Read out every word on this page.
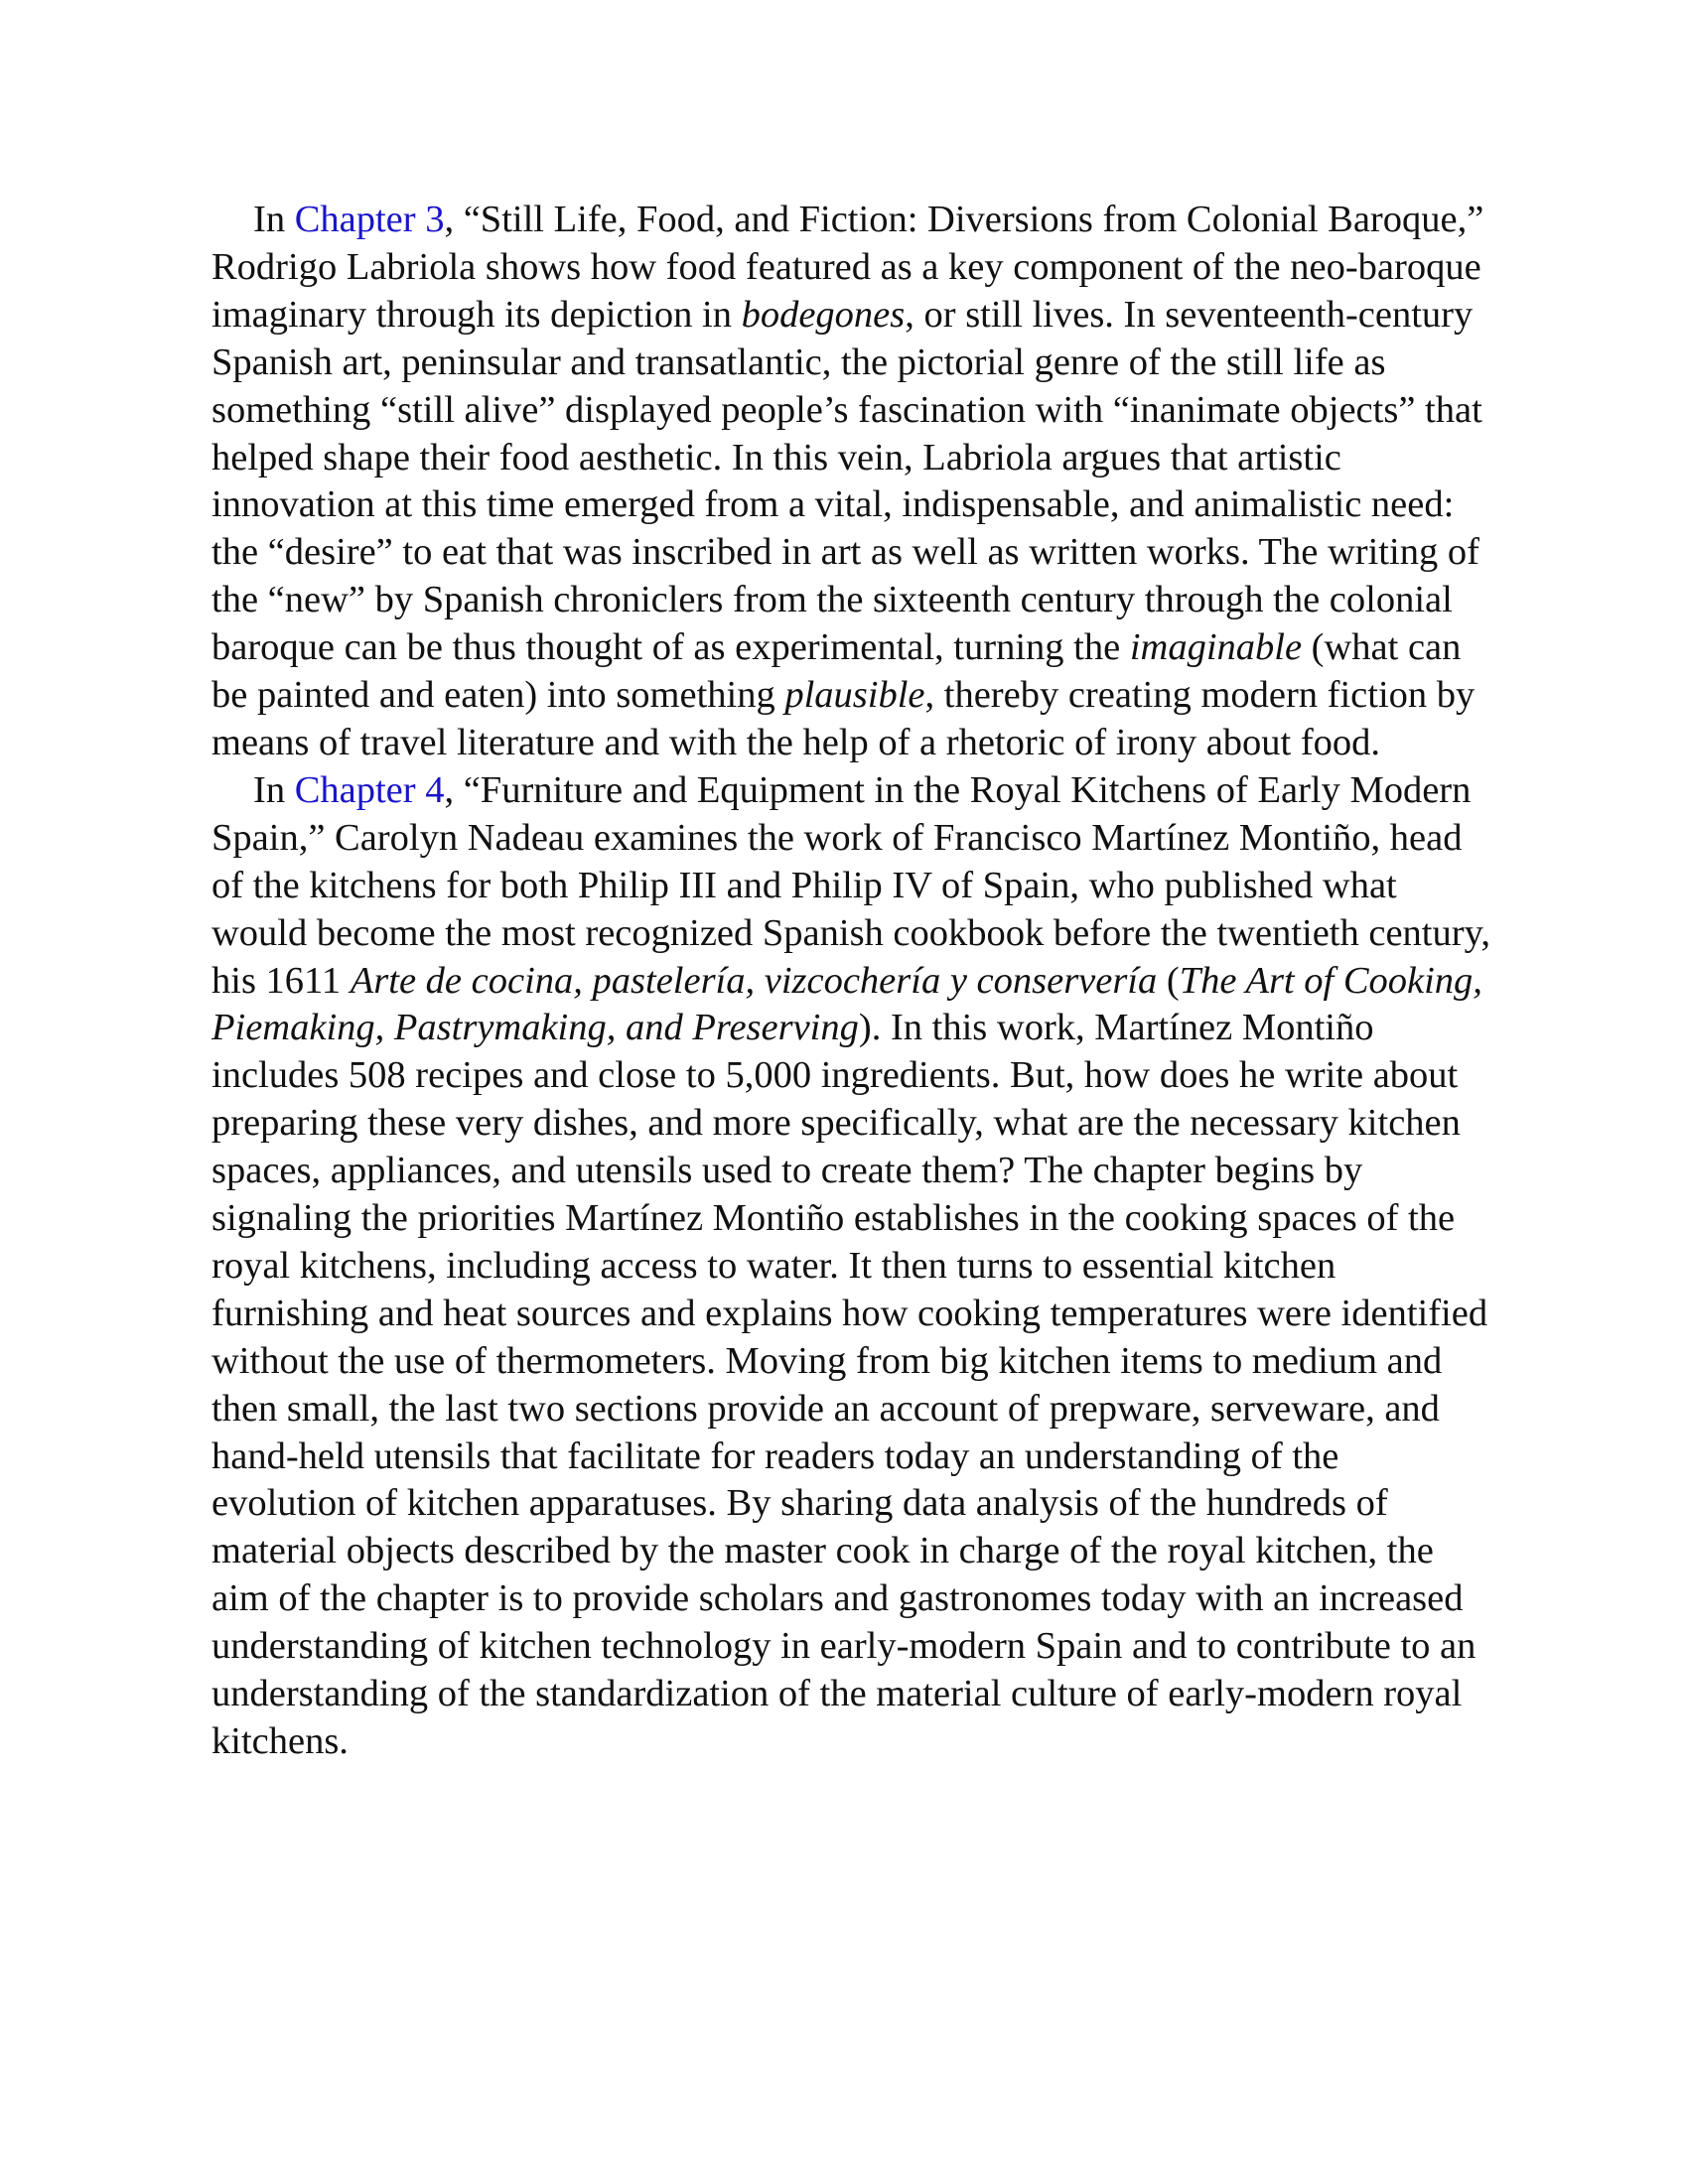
In Chapter 3, “Still Life, Food, and Fiction: Diversions from Colonial Baroque,” Rodrigo Labriola shows how food featured as a key component of the neo-baroque imaginary through its depiction in bodegones, or still lives. In seventeenth-century Spanish art, peninsular and transatlantic, the pictorial genre of the still life as something “still alive” displayed people’s fascination with “inanimate objects” that helped shape their food aesthetic. In this vein, Labriola argues that artistic innovation at this time emerged from a vital, indispensable, and animalistic need: the “desire” to eat that was inscribed in art as well as written works. The writing of the “new” by Spanish chroniclers from the sixteenth century through the colonial baroque can be thus thought of as experimental, turning the imaginable (what can be painted and eaten) into something plausible, thereby creating modern fiction by means of travel literature and with the help of a rhetoric of irony about food.

In Chapter 4, “Furniture and Equipment in the Royal Kitchens of Early Modern Spain,” Carolyn Nadeau examines the work of Francisco Martínez Montiño, head of the kitchens for both Philip III and Philip IV of Spain, who published what would become the most recognized Spanish cookbook before the twentieth century, his 1611 Arte de cocina, pastelería, vizcochería y conservería (The Art of Cooking, Piemaking, Pastrymaking, and Preserving). In this work, Martínez Montiño includes 508 recipes and close to 5,000 ingredients. But, how does he write about preparing these very dishes, and more specifically, what are the necessary kitchen spaces, appliances, and utensils used to create them? The chapter begins by signaling the priorities Martínez Montiño establishes in the cooking spaces of the royal kitchens, including access to water. It then turns to essential kitchen furnishing and heat sources and explains how cooking temperatures were identified without the use of thermometers. Moving from big kitchen items to medium and then small, the last two sections provide an account of prepware, serveware, and hand-held utensils that facilitate for readers today an understanding of the evolution of kitchen apparatuses. By sharing data analysis of the hundreds of material objects described by the master cook in charge of the royal kitchen, the aim of the chapter is to provide scholars and gastronomes today with an increased understanding of kitchen technology in early-modern Spain and to contribute to an understanding of the standardization of the material culture of early-modern royal kitchens.
